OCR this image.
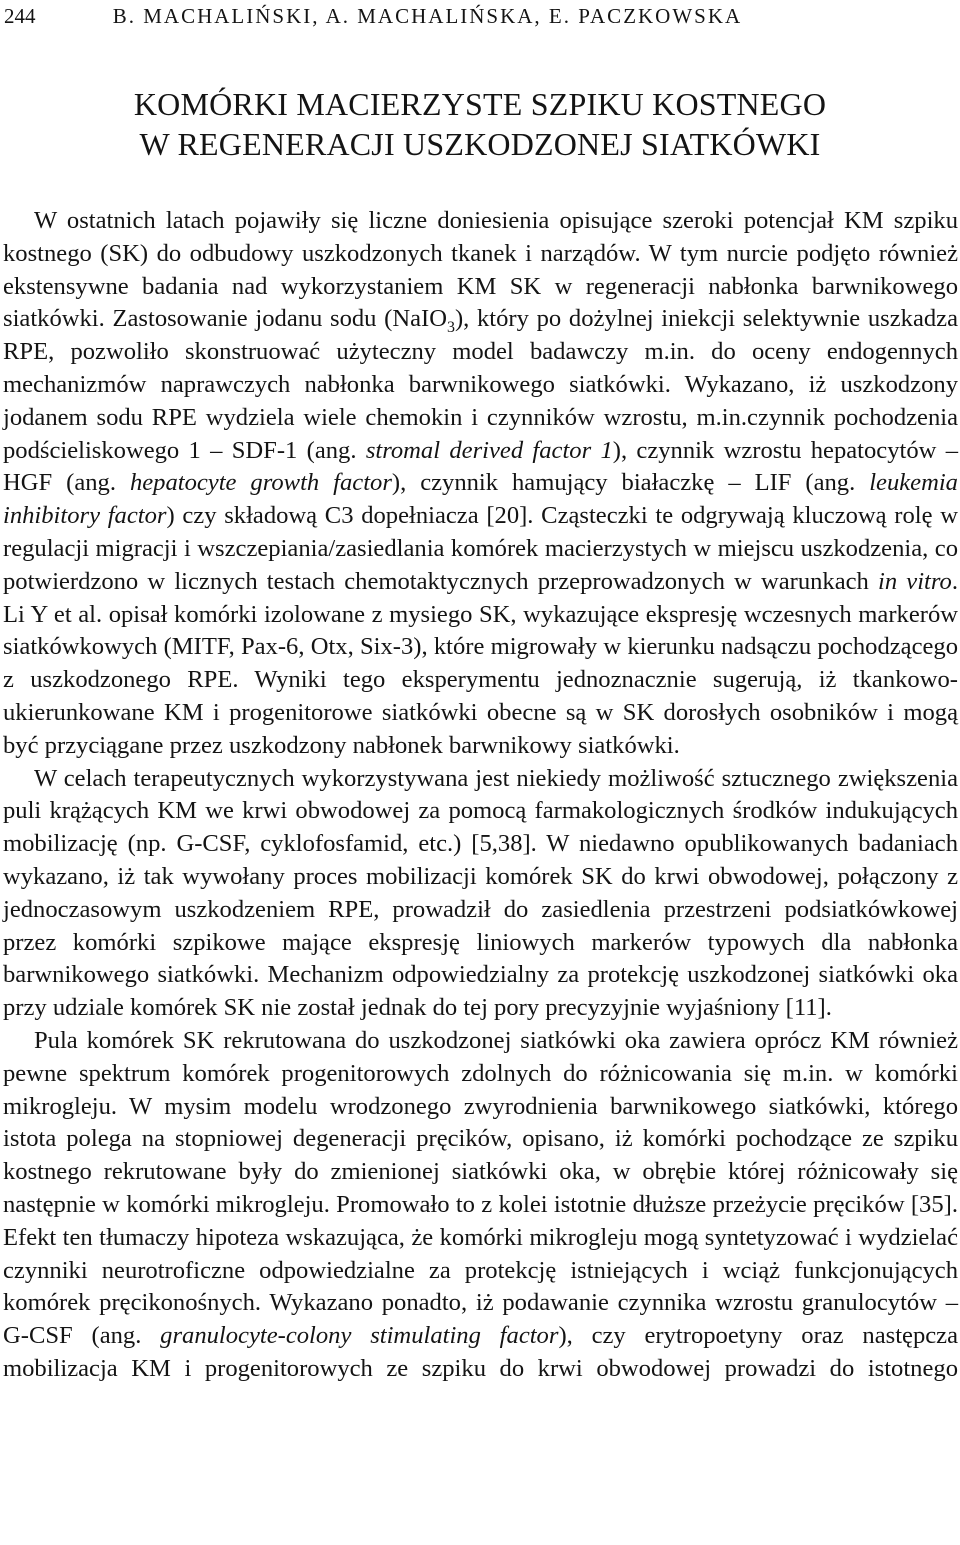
244	B. MACHALIŃSKI, A. MACHALIŃSKA, E. PACZKOWSKA
KOMÓRKI MACIERZYSTE SZPIKU KOSTNEGO
W REGENERACJI USZKODZONEJ SIATKÓWKI

W ostatnich latach pojawiły się liczne doniesienia opisujące szeroki potencjał KM szpiku kostnego (SK) do odbudowy uszkodzonych tkanek i narządów. W tym nurcie podjęto również ekstensywne badania nad wykorzystaniem KM SK w regeneracji nabłonka barwnikowego siatkówki. Zastosowanie jodanu sodu (NaIO$_3$), który po dożylnej iniekcji selektywnie uszkadza RPE, pozwoliło skonstruować użyteczny model badawczy m.in. do oceny endogennych mechanizmów naprawczych nabłonka barwnikowego siatkówki. Wykazano, iż uszkodzony jodanem sodu RPE wydziela wiele chemokin i czynników wzrostu, m.in.czynnik pochodzenia podścieliskowego 1 – SDF-1 (ang. stromal derived factor 1), czynnik wzrostu hepatocytów – HGF (ang. hepatocyte growth factor), czynnik hamujący białaczkę – LIF (ang. leukemia inhibitory factor) czy składową C3 dopełniacza [20]. Cząsteczki te odgrywają kluczową rolę w regulacji migracji i wszczepiania/zasiedlania komórek macierzystych w miejscu uszkodzenia, co potwierdzono w licznych testach chemotaktycznych przeprowadzonych w warunkach in vitro. Li Y et al. opisał komórki izolowane z mysiego SK, wykazujące ekspresję wczesnych markerów siatkówkowych (MITF, Pax-6, Otx, Six-3), które migrowały w kierunku nadsączu pochodzącego z uszkodzonego RPE. Wyniki tego eksperymentu jednoznacznie sugerują, iż tkankowoukierunkowane KM i progenitorowe siatkówki obecne są w SK dorosłych osobników i mogą być przyciągane przez uszkodzony nabłonek barwnikowy siatkówki.

W celach terapeutycznych wykorzystywana jest niekiedy możliwość sztucznego zwiększenia puli krążących KM we krwi obwodowej za pomocą farmakologicznych środków indukujących mobilizację (np. G-CSF, cyklofosfamid, etc.) [5,38]. W niedawno opublikowanych badaniach wykazano, iż tak wywołany proces mobilizacji komórek SK do krwi obwodowej, połączony z jednoczasowym uszkodzeniem RPE, prowadził do zasiedlenia przestrzeni podsiatkówkowej przez komórki szpikowe mające ekspresję liniowych markerów typowych dla nabłonka barwnikowego siatkówki. Mechanizm odpowiedzialny za protekcję uszkodzonej siatkówki oka przy udziale komórek SK nie został jednak do tej pory precyzyjnie wyjaśniony [11].

Pula komórek SK rekrutowana do uszkodzonej siatkówki oka zawiera oprócz KM również pewne spektrum komórek progenitorowych zdolnych do różnicowania się m.in. w komórki mikrogleju. W mysim modelu wrodzonego zwyrodnienia barwnikowego siatkówki, którego istota polega na stopniowej degeneracji pręcików, opisano, iż komórki pochodzące ze szpiku kostnego rekrutowane były do zmienionej siatkówki oka, w obrębie której różnicowały się następnie w komórki mikrogleju. Promowało to z kolei istotnie dłuższe przeżycie pręcików [35]. Efekt ten tłumaczy hipoteza wskazująca, że komórki mikrogleju mogą syntetyzować i wydzielać czynniki neurotroficzne odpowiedzialne za protekcję istniejących i wciąż funkcjonujących komórek pręcikonośnych. Wykazano ponadto, iż podawanie czynnika wzrostu granulocytów – G-CSF (ang. granulocyte-colony stimulating factor), czy erytropoetyny oraz następcza mobilizacja KM i progenitorowych ze szpiku do krwi obwodowej prowadzi do istotnego
